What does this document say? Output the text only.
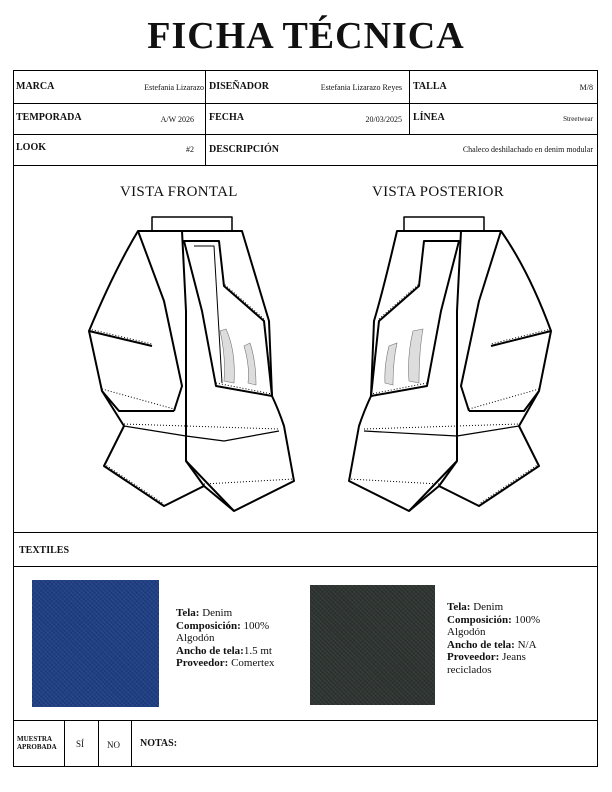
FICHA TÉCNICA
MARCA	Estefania Lizarazo DISEÑADOR	Estefania Lizarazo Reyes TALLA	M/8
TEMPORADA	A/W 2026 FECHA	20/03/2025 LÍNEA	Streetwear
LOOK	#2 DESCRIPCIÓN	Chaleco deshilachado en denim modular
VISTA FRONTAL	VISTA POSTERIOR
TEXTILES
Tela: Denim
Composición: 100%
Algodón
Ancho de tela:1.5 mt
Proveedor: Comertex
Tela: Denim
Composición: 100%
Algodón
Ancho de tela: N/A
Proveedor: Jeans
reciclados
MUESTRA
APROBADA SÍ	NO NOTAS:
